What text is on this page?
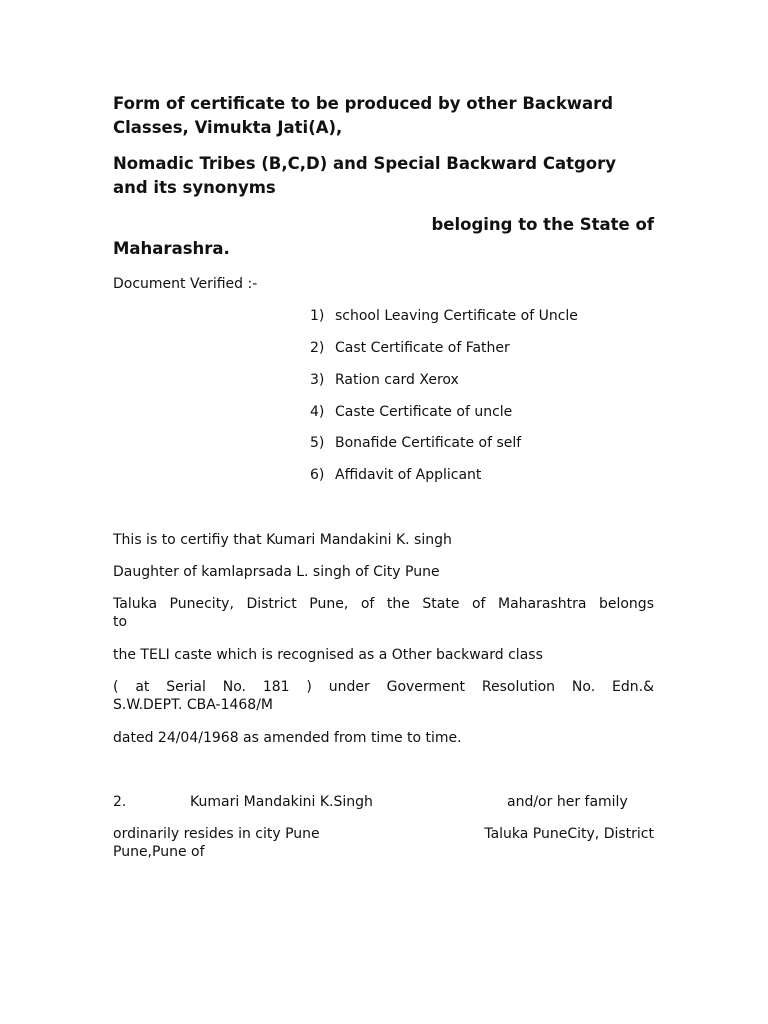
Form of certificate to be produced by other Backward
Classes, Vimukta Jati(A),
Nomadic Tribes (B,C,D) and Special Backward Catgory
and its synonyms
beloging to the State of
Maharashra.
Document Verified :-
1) school Leaving Certificate of Uncle
2) Cast Certificate of Father
3) Ration card Xerox
4) Caste Certificate of uncle
5) Bonafide Certificate of self
6) Affidavit of Applicant
This is to certifiy that Kumari Mandakini K. singh
Daughter of kamlaprsada L. singh of City Pune
Taluka Punecity, District Pune, of the State of Maharashtra belongs
to
the TELI caste which is recognised as a Other backward class
( at Serial No. 181 ) under Goverment Resolution No. Edn.&
S.W.DEPT. CBA-1468/M
dated 24/04/1968 as amended from time to time.
2.	Kumari Mandakini K.Singh	and/or her family
ordinarily resides in city Pune	Taluka PuneCity, District
Pune,Pune of
